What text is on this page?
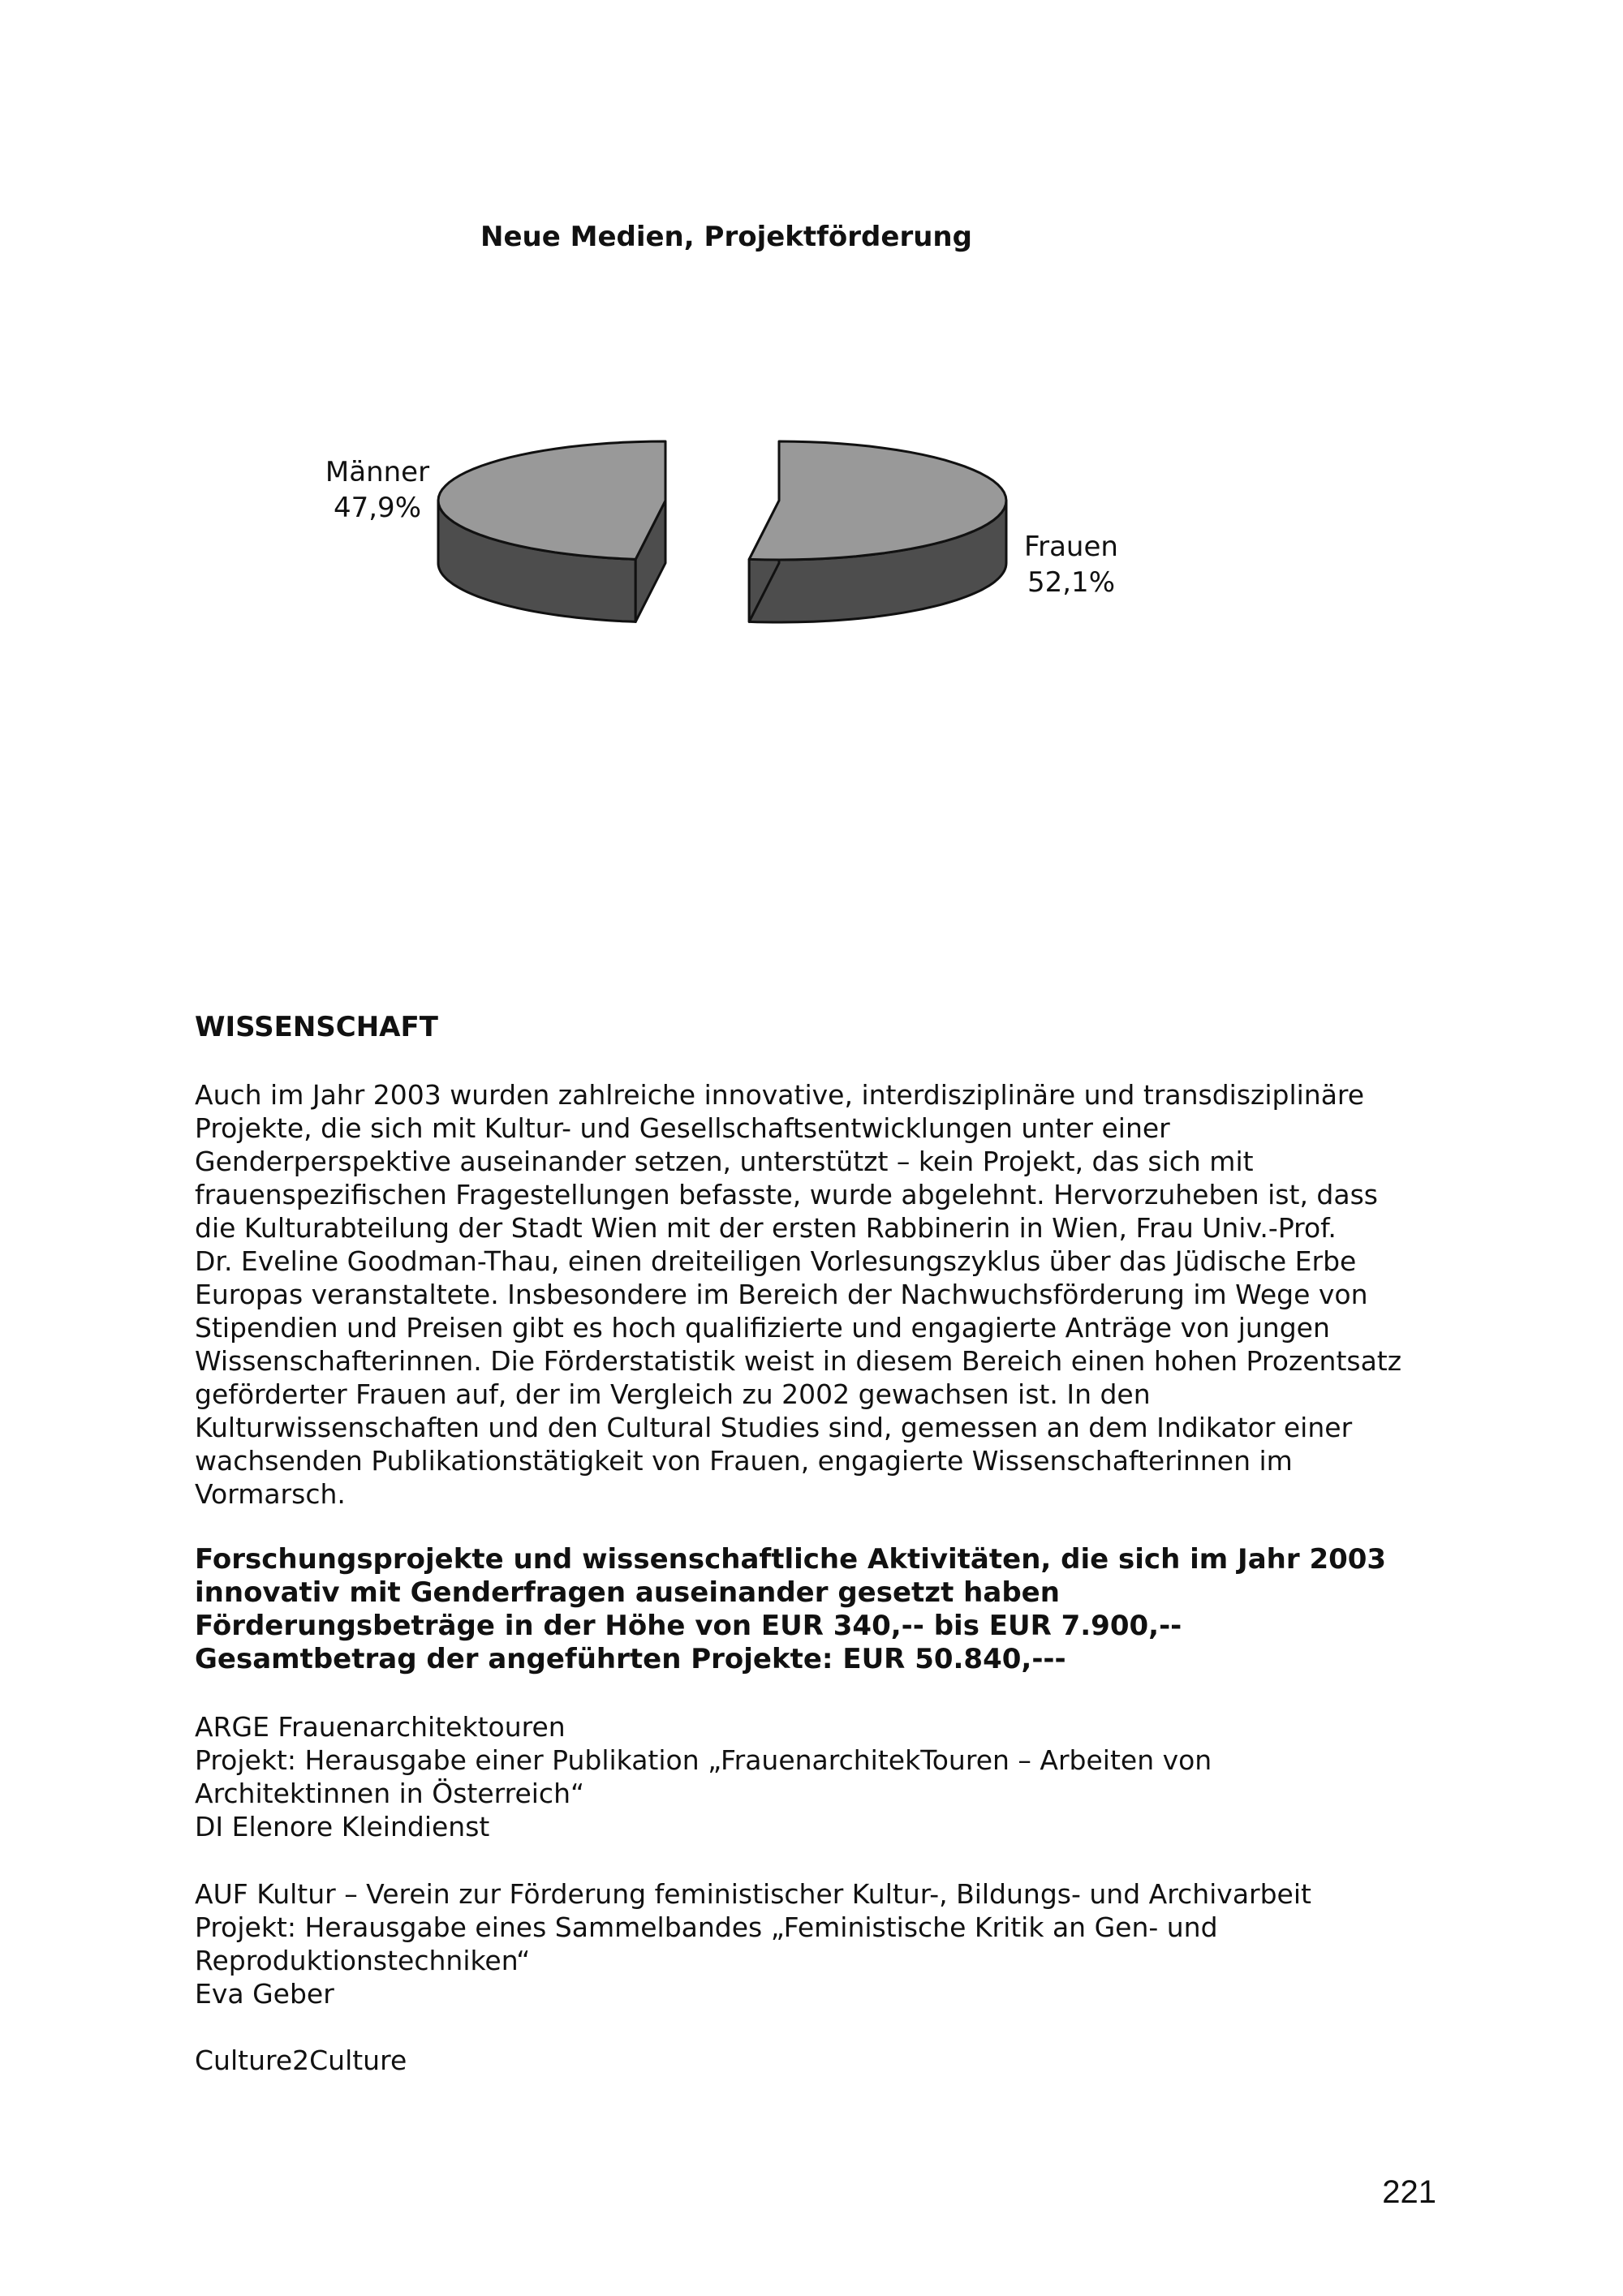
Neue Medien, Projektförderung
Männer
47,9%
Frauen
52,1%
WISSENSCHAFT
Auch im Jahr 2003 wurden zahlreiche innovative, interdisziplinäre und transdisziplinäre
Projekte, die sich mit Kultur- und Gesellschaftsentwicklungen unter einer
Genderperspektive auseinander setzen, unterstützt – kein Projekt, das sich mit
frauenspezifischen Fragestellungen befasste, wurde abgelehnt. Hervorzuheben ist, dass
die Kulturabteilung der Stadt Wien mit der ersten Rabbinerin in Wien, Frau Univ.-Prof.
Dr. Eveline Goodman-Thau, einen dreiteiligen Vorlesungszyklus über das Jüdische Erbe
Europas veranstaltete. Insbesondere im Bereich der Nachwuchsförderung im Wege von
Stipendien und Preisen gibt es hoch qualifizierte und engagierte Anträge von jungen
Wissenschafterinnen. Die Förderstatistik weist in diesem Bereich einen hohen Prozentsatz
geförderter Frauen auf, der im Vergleich zu 2002 gewachsen ist. In den
Kulturwissenschaften und den Cultural Studies sind, gemessen an dem Indikator einer
wachsenden Publikationstätigkeit von Frauen, engagierte Wissenschafterinnen im
Vormarsch.
Forschungsprojekte und wissenschaftliche Aktivitäten, die sich im Jahr 2003
innovativ mit Genderfragen auseinander gesetzt haben
Förderungsbeträge in der Höhe von EUR 340,-- bis EUR 7.900,--
Gesamtbetrag der angeführten Projekte: EUR 50.840,---
ARGE Frauenarchitektouren
Projekt: Herausgabe einer Publikation „FrauenarchitekTouren – Arbeiten von
Architektinnen in Österreich“
DI Elenore Kleindienst
AUF Kultur – Verein zur Förderung feministischer Kultur-, Bildungs- und Archivarbeit
Projekt: Herausgabe eines Sammelbandes „Feministische Kritik an Gen- und
Reproduktionstechniken“
Eva Geber
Culture2Culture
221
